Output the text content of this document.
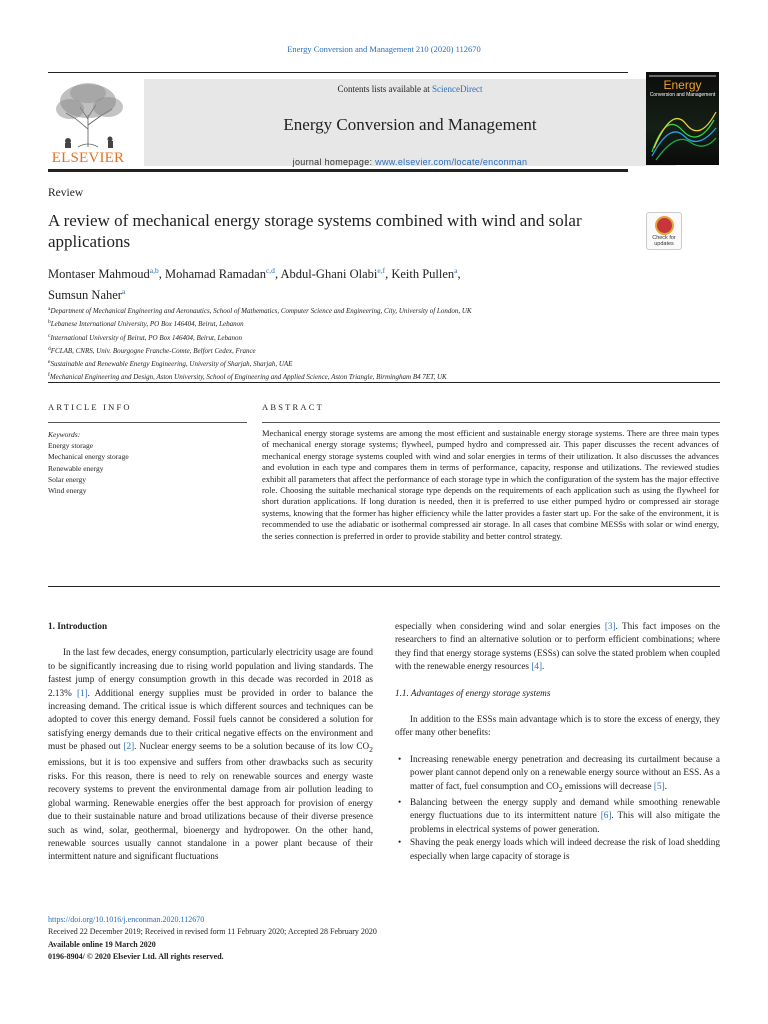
Energy Conversion and Management 210 (2020) 112670
ELSEVIER
Contents lists available at ScienceDirect
Energy Conversion and Management
journal homepage: www.elsevier.com/locate/enconman
Energy
Conversion and Management
Review
A review of mechanical energy storage systems combined with wind and solar applications	Check for updates
Montaser Mahmoud$^{a,b}$, Mohamad Ramadan$^{c,d}$, Abdul-Ghani Olabi$^{e,f}$, Keith Pullen$^a$,
Sumsun Naher$^a$
$^a$Department of Mechanical Engineering and Aeronautics, School of Mathematics, Computer Science and Engineering, City, University of London, UK
$^b$Lebanese International University, PO Box 146404, Beirut, Lebanon
$^c$International University of Beirut, PO Box 146404, Beirut, Lebanon
$^d$FCLAB, CNRS, Univ. Bourgogne Franche-Comte, Belfort Cedex, France
$^e$Sustainable and Renewable Energy Engineering, University of Sharjah, Sharjah, UAE
$^f$Mechanical Engineering and Design, Aston University, School of Engineering and Applied Science, Aston Triangle, Birmingham B4 7ET, UK
ARTICLE INFO	ABSTRACT
Keywords:
Energy storage
Mechanical energy storage
Renewable energy
Solar energy
Wind energy
Mechanical energy storage systems are among the most efficient and sustainable energy storage systems. There are three main types of mechanical energy storage systems; flywheel, pumped hydro and compressed air. This paper discusses the recent advances of mechanical energy storage systems coupled with wind and solar energies in terms of their utilization. It also discusses the advances and evolution in each type and compares them in terms of performance, capacity, response and utilizations. The reviewed studies exhibit all parameters that affect the performance of each storage type in which the configuration of the system has the major effective role. Choosing the suitable mechanical storage type depends on the requirements of each application such as using the flywheel for short duration applications. If long duration is needed, then it is preferred to use either pumped hydro or compressed air storage systems, knowing that the former has higher efficiency while the latter provides a faster start up. For the sake of the environment, it is recommended to use the adiabatic or isothermal compressed air storage. In all cases that combine MESSs with solar or wind energy, the series connection is preferred in order to provide stability and better control strategy.
1. Introduction

In the last few decades, energy consumption, particularly electricity usage are found to be significantly increasing due to rising world population and living standards. The fastest jump of energy consumption growth in this decade was recorded in 2018 as 2.13% [1]. Additional energy supplies must be provided in order to balance the increasing demand. The critical issue is which different sources and techniques can be adopted to cover this energy demand. Fossil fuels cannot be considered a solution for satisfying energy demands due to their critical negative effects on the environment and must be phased out [2]. Nuclear energy seems to be a solution because of its low $CO_2$ emissions, but it is too expensive and suffers from other drawbacks such as security risks. For this reason, there is need to rely on renewable sources and energy waste recovery systems to prevent the environmental damage from air pollution leading to global warming. Renewable energies offer the best approach for provision of energy due to their sustainable nature and broad utilizations because of their diverse presence such as wind, solar, geothermal, bioenergy and hydropower. On the other hand, renewable sources usually cannot standalone in a power plant because of their intermittent nature and significant fluctuations

especially when considering wind and solar energies [3]. This fact imposes on the researchers to find an alternative solution or to perform efficient combinations; where they find that energy storage systems (ESSs) can solve the stated problem when coupled with the renewable energy resources [4].

1.1. Advantages of energy storage systems

In addition to the ESSs main advantage which is to store the excess of energy, they offer many other benefits:

• Increasing renewable energy penetration and decreasing its curtailment because a power plant cannot depend only on a renewable energy source without an ESS. As a matter of fact, fuel consumption and $CO_2$ emissions will decrease [5].
• Balancing between the energy supply and demand while smoothing renewable energy fluctuations due to its intermittent nature [6]. This will also mitigate the problems in electrical systems of power generation.
• Shaving the peak energy loads which will indeed decrease the risk of load shedding especially when large capacity of storage is
https://doi.org/10.1016/j.enconman.2020.112670
Received 22 December 2019; Received in revised form 11 February 2020; Accepted 28 February 2020
Available online 19 March 2020
0196-8904/ © 2020 Elsevier Ltd. All rights reserved.
